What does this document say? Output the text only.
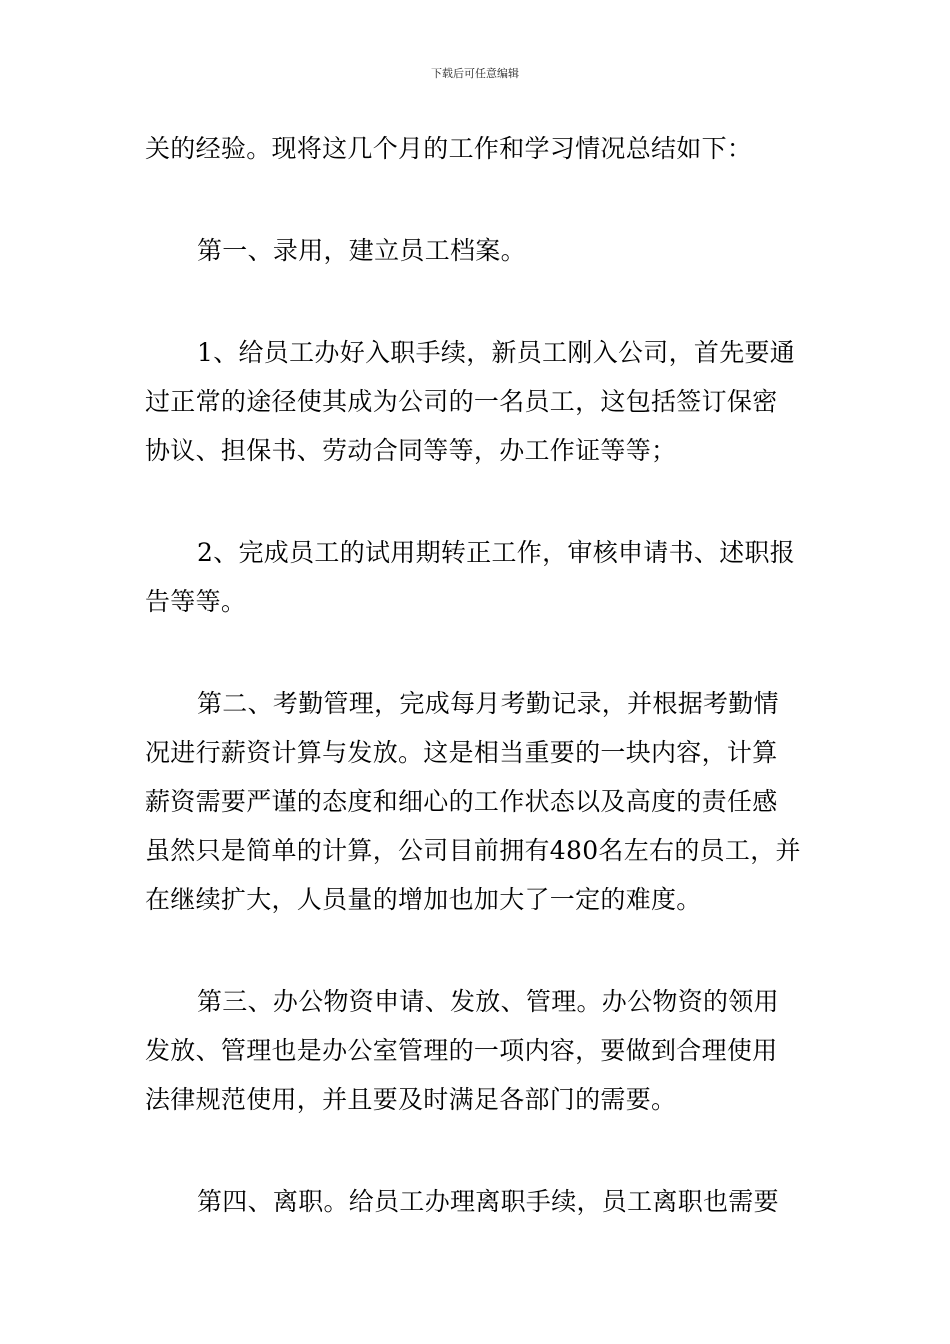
下载后可任意编辑
关的经验。现将这几个月的工作和学习情况总结如下：
第一、录用，建立员工档案。
1、给员工办好入职手续，新员工刚入公司，首先要通
过正常的途径使其成为公司的一名员工，这包括签订保密
协议、担保书、劳动合同等等，办工作证等等；
2、完成员工的试用期转正工作，审核申请书、述职报
告等等。
第二、考勤管理，完成每月考勤记录，并根据考勤情
况进行薪资计算与发放。这是相当重要的一块内容，计算
薪资需要严谨的态度和细心的工作状态以及高度的责任感
虽然只是简单的计算，公司目前拥有480名左右的员工，并
在继续扩大，人员量的增加也加大了一定的难度。
第三、办公物资申请、发放、管理。办公物资的领用
发放、管理也是办公室管理的一项内容，要做到合理使用
法律规范使用，并且要及时满足各部门的需要。
第四、离职。给员工办理离职手续，员工离职也需要
